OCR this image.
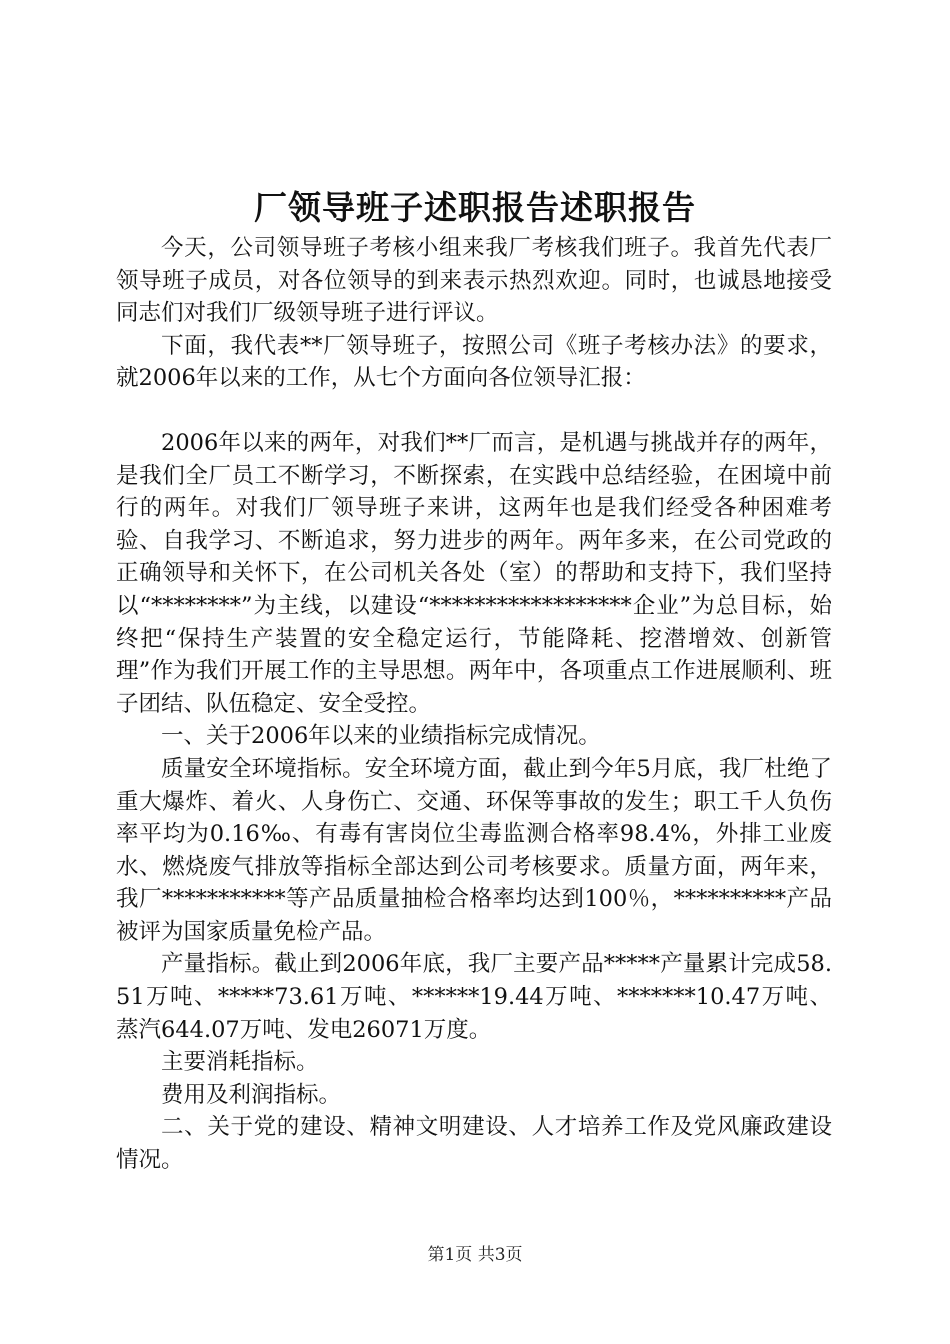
厂领导班子述职报告述职报告

今天，公司领导班子考核小组来我厂考核我们班子。我首先代表厂领导班子成员，对各位领导的到来表示热烈欢迎。同时，也诚恳地接受同志们对我们厂级领导班子进行评议。

下面，我代表**厂领导班子，按照公司《班子考核办法》的要求，就2006年以来的工作，从七个方面向各位领导汇报：

2006年以来的两年，对我们**厂而言，是机遇与挑战并存的两年，是我们全厂员工不断学习，不断探索，在实践中总结经验，在困境中前行的两年。对我们厂领导班子来讲，这两年也是我们经受各种困难考验、自我学习、不断追求，努力进步的两年。两年多来，在公司党政的正确领导和关怀下，在公司机关各处（室）的帮助和支持下，我们坚持以“********”为主线，以建设“******************企业”为总目标，始终把“保持生产装置的安全稳定运行，节能降耗、挖潜增效、创新管理”作为我们开展工作的主导思想。两年中，各项重点工作进展顺利、班子团结、队伍稳定、安全受控。

一、关于2006年以来的业绩指标完成情况。

质量安全环境指标。安全环境方面，截止到今年5月底，我厂杜绝了重大爆炸、着火、人身伤亡、交通、环保等事故的发生；职工千人负伤率平均为0.16‰、有毒有害岗位尘毒监测合格率98.4%，外排工业废水、燃烧废气排放等指标全部达到公司考核要求。质量方面，两年来，我厂***********等产品质量抽检合格率均达到100％，**********产品被评为国家质量免检产品。

产量指标。截止到2006年底，我厂主要产品*****产量累计完成58.51万吨、*****73.61万吨、******19.44万吨、*******10.47万吨、蒸汽644.07万吨、发电26071万度。

主要消耗指标。

费用及利润指标。

二、关于党的建设、精神文明建设、人才培养工作及党风廉政建设情况。

第1页 共3页
